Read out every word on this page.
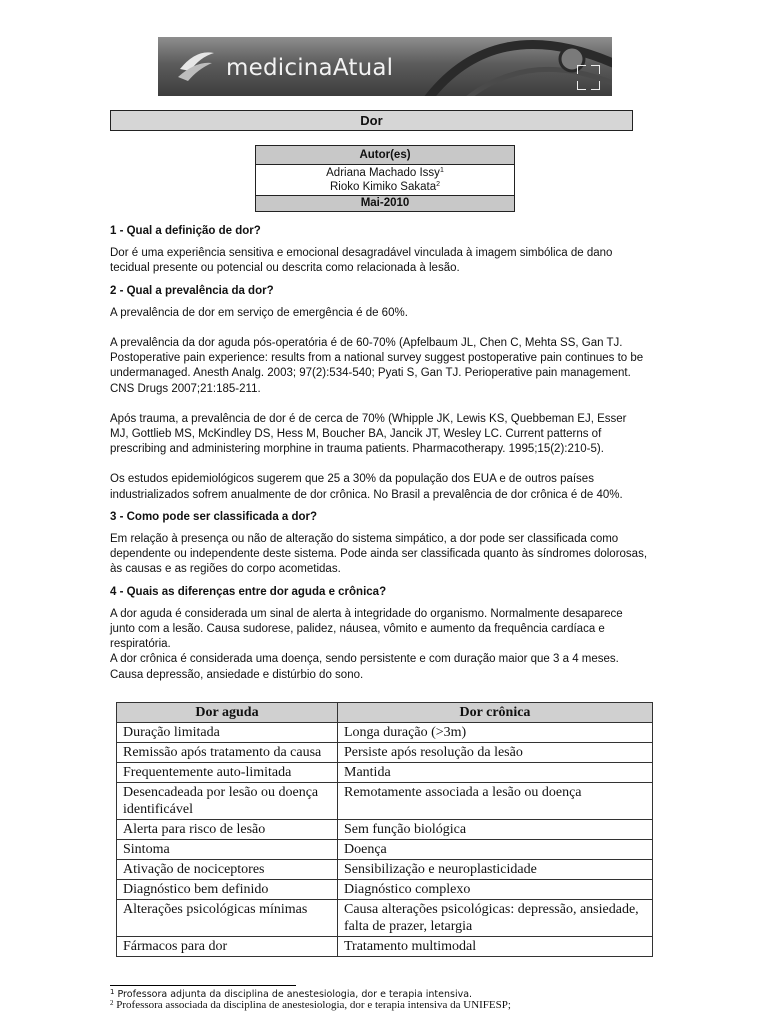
medicinaAtual
Dor
Autor(es)
Adriana Machado Issy$^1$
Rioko Kimiko Sakata$^2$
Mai-2010
1 - Qual a definição de dor?

Dor é uma experiência sensitiva e emocional desagradável vinculada à imagem simbólica de dano tecidual presente ou potencial ou descrita como relacionada à lesão.

2 - Qual a prevalência da dor?

A prevalência de dor em serviço de emergência é de 60%.

A prevalência da dor aguda pós-operatória é de 60-70% (Apfelbaum JL, Chen C, Mehta SS, Gan TJ. Postoperative pain experience: results from a national survey suggest postoperative pain continues to be undermanaged. Anesth Analg. 2003; 97(2):534-540; Pyati S, Gan TJ. Perioperative pain management. CNS Drugs 2007;21:185-211.

Após trauma, a prevalência de dor é de cerca de 70% (Whipple JK, Lewis KS, Quebbeman EJ, Esser MJ, Gottlieb MS, McKindley DS, Hess M, Boucher BA, Jancik JT, Wesley LC. Current patterns of prescribing and administering morphine in trauma patients. Pharmacotherapy. 1995;15(2):210-5).

Os estudos epidemiológicos sugerem que 25 a 30% da população dos EUA e de outros países industrializados sofrem anualmente de dor crônica. No Brasil a prevalência de dor crônica é de 40%.

3 - Como pode ser classificada a dor?

Em relação à presença ou não de alteração do sistema simpático, a dor pode ser classificada como dependente ou independente deste sistema. Pode ainda ser classificada quanto às síndromes dolorosas, às causas e as regiões do corpo acometidas.

4 - Quais as diferenças entre dor aguda e crônica?

A dor aguda é considerada um sinal de alerta à integridade do organismo. Normalmente desaparece junto com a lesão. Causa sudorese, palidez, náusea, vômito e aumento da frequência cardíaca e respiratória.

A dor crônica é considerada uma doença, sendo persistente e com duração maior que 3 a 4 meses. Causa depressão, ansiedade e distúrbio do sono.

Dor aguda	Dor crônica
Duração limitada	Longa duração (>3m)
Remissão após tratamento da causa	Persiste após resolução da lesão
Frequentemente auto-limitada	Mantida
Desencadeada por lesão ou doença identificável	Remotamente associada a lesão ou doença
Alerta para risco de lesão	Sem função biológica
Sintoma	Doença
Ativação de nociceptores	Sensibilização e neuroplasticidade
Diagnóstico bem definido	Diagnóstico complexo
Alterações psicológicas mínimas	Causa alterações psicológicas: depressão, ansiedade, falta de prazer, letargia
Fármacos para dor	Tratamento multimodal
$^1$ Professora adjunta da disciplina de anestesiologia, dor e terapia intensiva.
$^2$ Professora associada da disciplina de anestesiologia, dor e terapia intensiva da UNIFESP;
